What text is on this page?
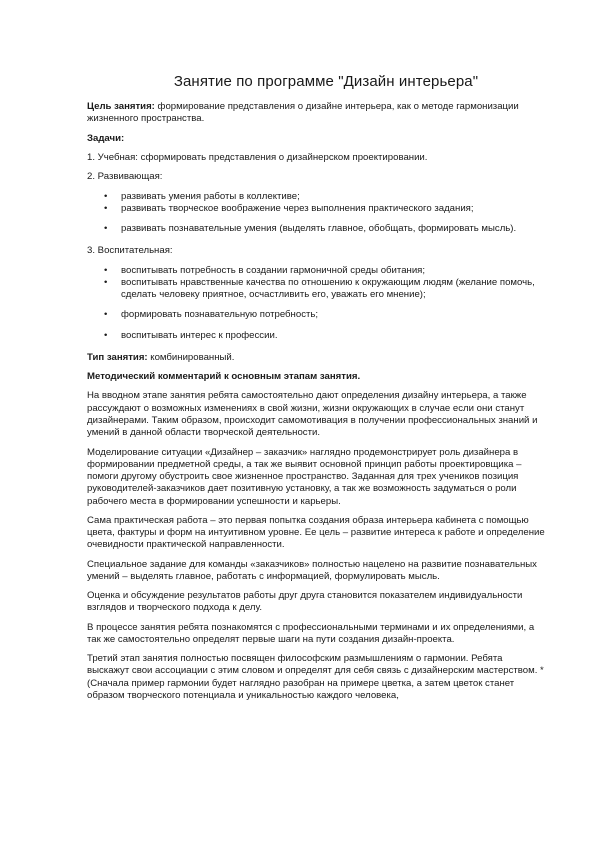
Занятие по программе "Дизайн интерьера"

Цель занятия: формирование представления о дизайне интерьера, как о методе гармонизации жизненного пространства.

Задачи:

1. Учебная: сформировать представления о дизайнерском проектировании.

2. Развивающая:

• развивать умения работы в коллективе;
• развивать творческое воображение через выполнения практического задания;
• развивать познавательные умения (выделять главное, обобщать, формировать мысль).

3. Воспитательная:

• воспитывать потребность в создании гармоничной среды обитания;
• воспитывать нравственные качества по отношению к окружающим людям (желание помочь, сделать человеку приятное, осчастливить его, уважать его мнение);
• формировать познавательную потребность;
• воспитывать интерес к профессии.

Тип занятия: комбинированный.

Методический комментарий к основным этапам занятия.

На вводном этапе занятия ребята самостоятельно дают определения дизайну интерьера, а также рассуждают о возможных изменениях в свой жизни, жизни окружающих в случае если они станут дизайнерами. Таким образом, происходит самомотивация в получении профессиональных знаний и умений в данной области творческой деятельности.

Моделирование ситуации «Дизайнер – заказчик» наглядно продемонстрирует роль дизайнера в формировании предметной среды, а так же выявит основной принцип работы проектировщика – помоги другому обустроить свое жизненное пространство. Заданная для трех учеников позиция руководителей-заказчиков дает позитивную установку, а так же возможность задуматься о роли рабочего места в формировании успешности и карьеры.

Сама практическая работа – это первая попытка создания образа интерьера кабинета с помощью цвета, фактуры и форм на интуитивном уровне. Ее цель – развитие интереса к работе и определение очевидности практической направленности.

Специальное задание для команды «заказчиков» полностью нацелено на развитие познавательных умений – выделять главное, работать с информацией, формулировать мысль.

Оценка и обсуждение результатов работы друг друга становится показателем индивидуальности взглядов и творческого подхода к делу.

В процессе занятия ребята познакомятся с профессиональными терминами и их определениями, а так же самостоятельно определят первые шаги на пути создания дизайн-проекта.

Третий этап занятия полностью посвящен философским размышлениям о гармонии. Ребята выскажут свои ассоциации с этим словом и определят для себя связь с дизайнерским мастерством. *(Сначала пример гармонии будет наглядно разобран на примере цветка, а затем цветок станет образом творческого потенциала и уникальностью каждого человека,
